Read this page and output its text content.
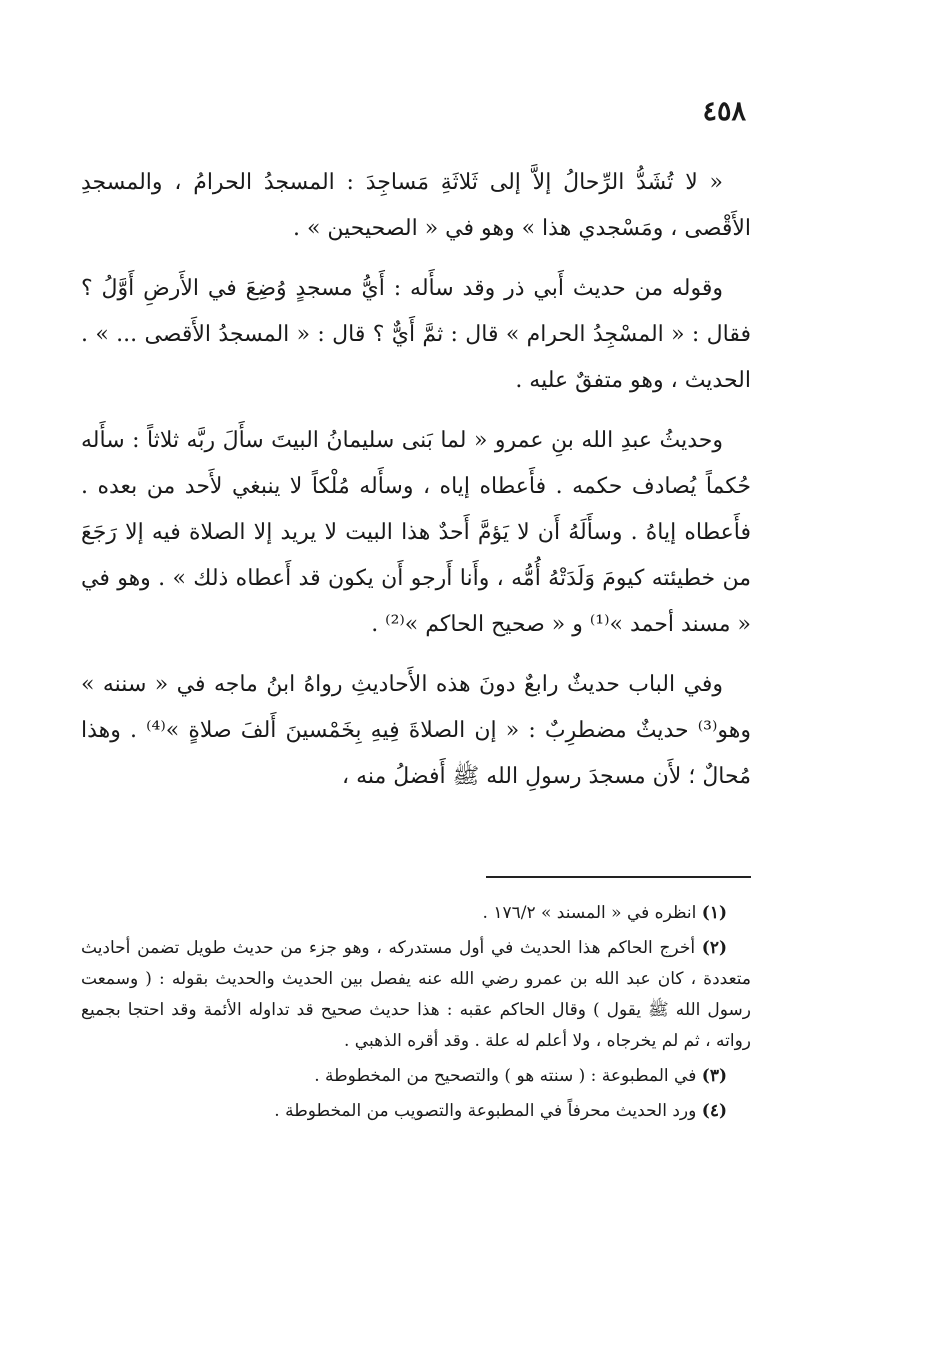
٤٥٨

« لا تُشَدُّ الرِّحالُ إلاَّ إلى ثَلاثَةِ مَساجِدَ : المسجدُ الحرامُ ، والمسجدِ الأَقْصى ، ومَسْجدي هذا » وهو في « الصحيحين » .

وقوله من حديث أَبي ذر وقد سأَله : أَيُّ مسجدٍ وُضِعَ في الأَرضِ أَوَّلُ ؟ فقال : « المسْجِدُ الحرام » قال : ثمَّ أَيٌّ ؟ قال : « المسجدُ الأَقصى ... » . الحديث ، وهو متفقٌ عليه .

وحديثُ عبدِ الله بنِ عمرو « لما بَنى سليمانُ البيتَ سأَلَ ربَّه ثلاثاً : سأَله حُكماً يُصادف حكمه . فأَعطاه إياه ، وسأَله مُلْكاً لا ينبغي لأَحد من بعده . فأَعطاه إياهُ . وسأَلَهُ أَن لا يَؤمَّ أَحدٌ هذا البيت لا يريد إلا الصلاة فيه إلا رَجَعَ من خطيئته كيومَ وَلَدَتْهُ أُمُّه ، وأَنا أَرجو أَن يكون قد أَعطاه ذلك » . وهو في « مسند أحمد »⁽¹⁾ و « صحيح الحاكم »⁽²⁾ .

وفي الباب حديثٌ رابعٌ دونَ هذه الأَحاديثِ رواهُ ابنُ ماجه في « سننه » وهو⁽³⁾ حديثٌ مضطرِبٌ : « إن الصلاةَ فِيهِ بِخَمْسينَ أَلفَ صلاةٍ »⁽⁴⁾ . وهذا مُحالٌ ؛ لأَن مسجدَ رسولِ الله ﷺ أَفضلُ منه ،

(١) انظره في « المسند » ١٧٦/٢ .

(٢) أخرج الحاكم هذا الحديث في أول مستدركه ، وهو جزء من حديث طويل تضمن أحاديث متعددة ، كان عبد الله بن عمرو رضي الله عنه يفصل بين الحديث والحديث بقوله : ( وسمعت رسول الله ﷺ يقول ) وقال الحاكم عقبه : هذا حديث صحيح قد تداوله الأئمة وقد احتجا بجميع رواته ، ثم لم يخرجاه ، ولا أعلم له علة . وقد أقره الذهبي .

(٣) في المطبوعة : ( سنته هو ) والتصحيح من المخطوطة .

(٤) ورد الحديث محرفاً في المطبوعة والتصويب من المخطوطة .
